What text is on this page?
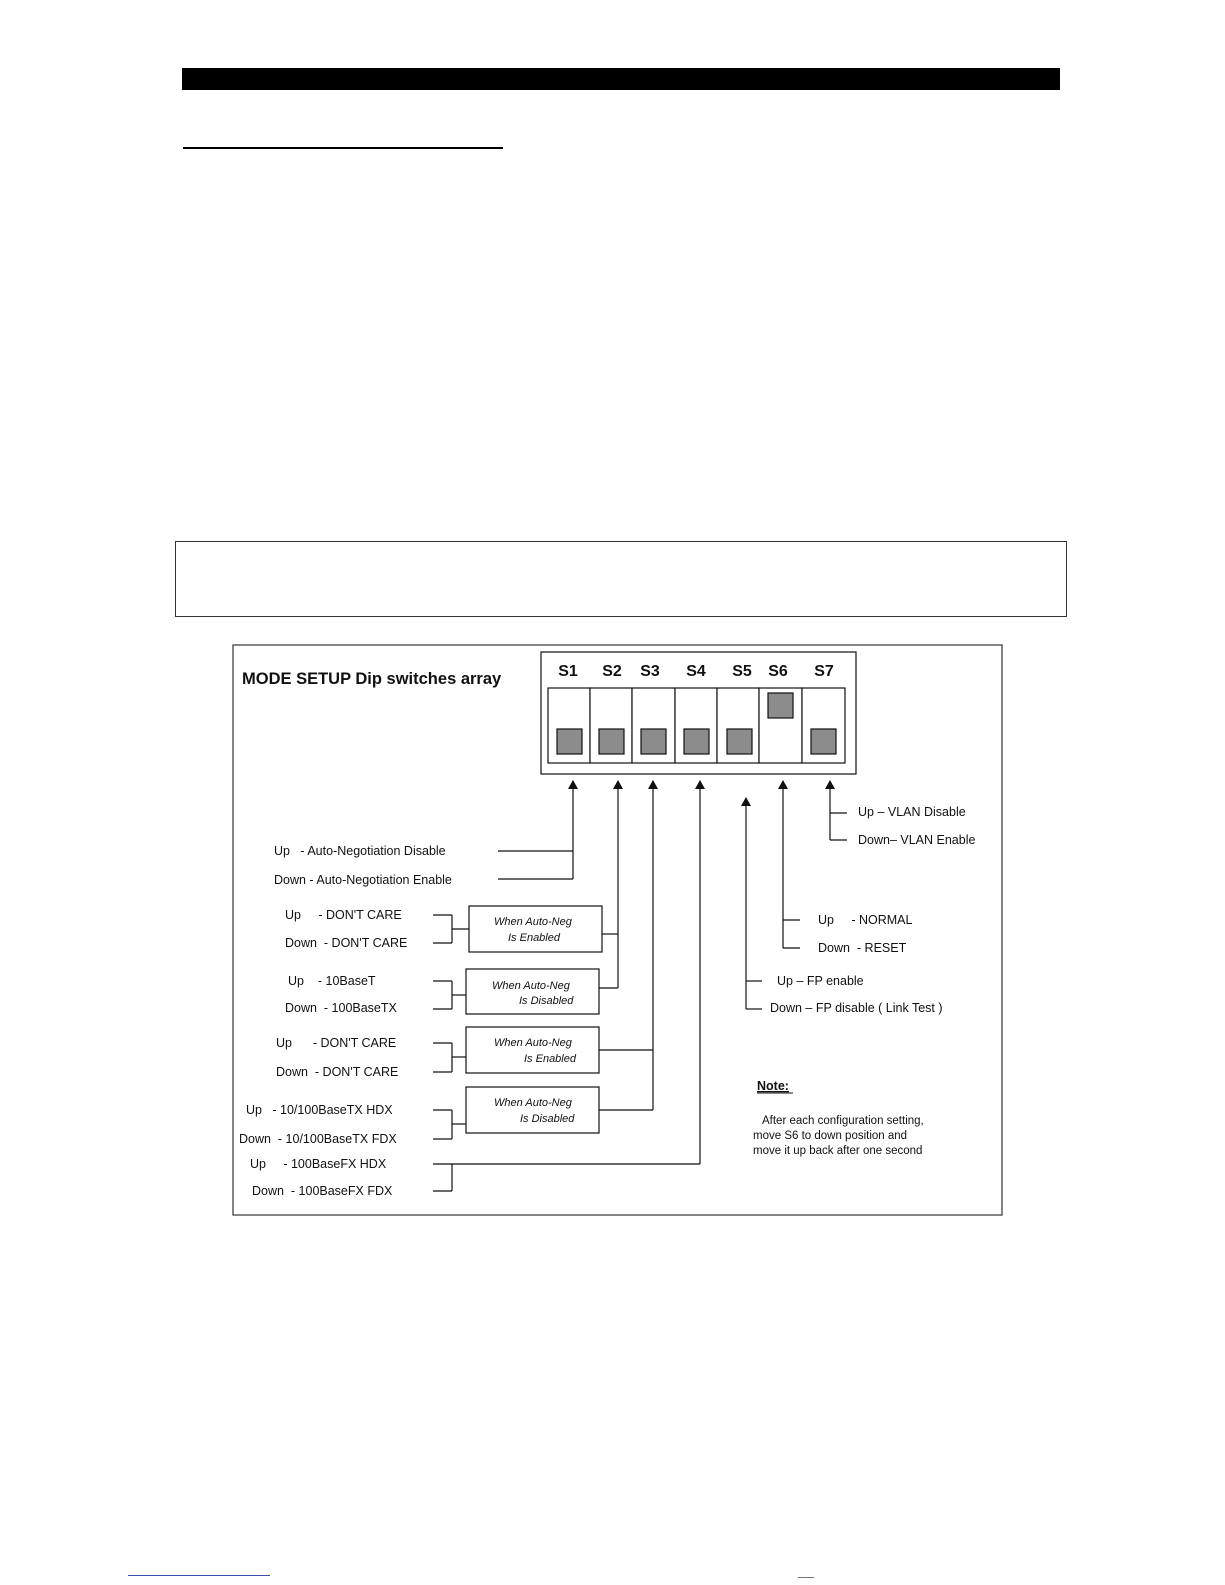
MODE SETUP Dip switches array	S1 S2 S3 S4 S5 S6 S7
Up   - Auto-Negotiation Disable
Down - Auto-Negotiation Enable
When Auto-Neg
Is Enabled
Up     - DON'T CARE
Down  - DON'T CARE
When Auto-Neg
Is Disabled
Up    - 10BaseT
Down  - 100BaseTX
When Auto-Neg
Is Enabled
Up      - DON'T CARE
Down  - DON'T CARE
When Auto-Neg
Is Disabled
Up   - 10/100BaseTX HDX
Down  - 10/100BaseTX FDX
Up     - 100BaseFX HDX
Down  - 100BaseFX FDX
Up – FP enable
Down – FP disable ( Link Test )
Up     - NORMAL
Down  - RESET
Up – VLAN Disable
Down– VLAN Enable
Note:
After each configuration setting,
move S6 to down position and
move it up back after one second
